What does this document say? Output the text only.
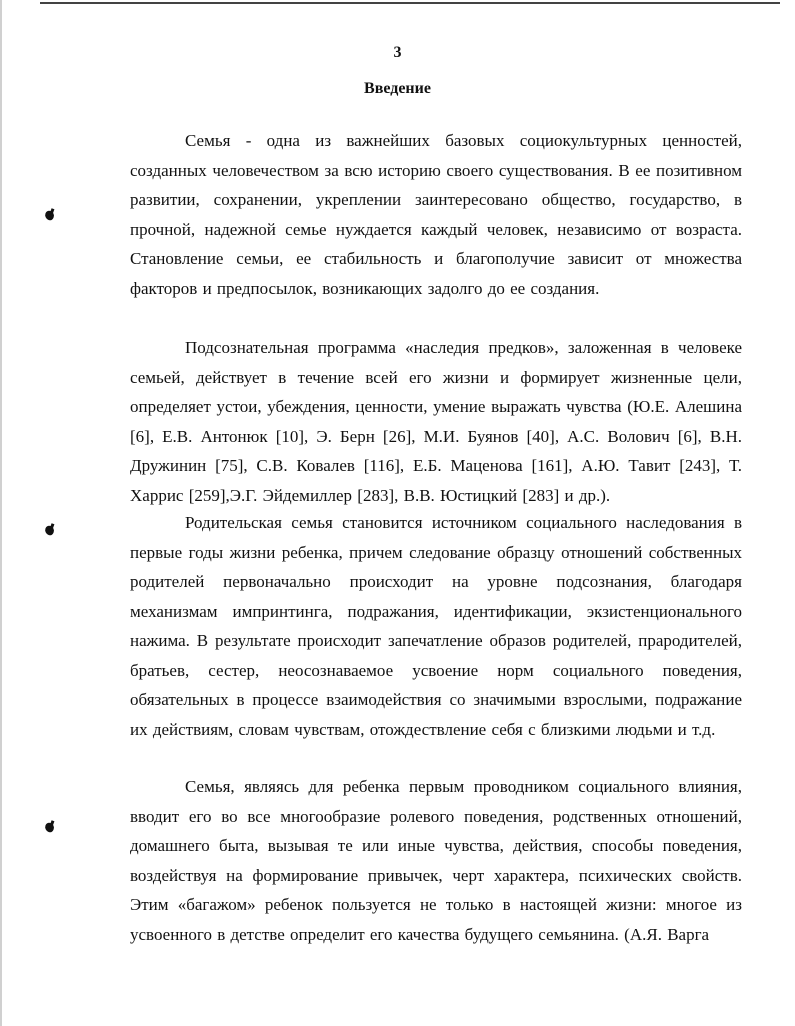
3
Введение

Семья - одна из важнейших базовых социокультурных ценностей, созданных человечеством за всю историю своего существования. В ее позитивном развитии, сохранении, укреплении заинтересовано общество, государство, в прочной, надежной семье нуждается каждый человек, независимо от возраста. Становление семьи, ее стабильность и благополучие зависит от множества факторов и предпосылок, возникающих задолго до ее создания.

Подсознательная программа «наследия предков», заложенная в человеке семьей, действует в течение всей его жизни и формирует жизненные цели, определяет устои, убеждения, ценности, умение выражать чувства (Ю.Е. Алешина [6], Е.В. Антонюк [10], Э. Берн [26], М.И. Буянов [40], А.С. Волович [6], В.Н. Дружинин [75], С.В. Ковалев [116], Е.Б. Маценова [161], А.Ю. Тавит [243], Т. Харрис [259],Э.Г. Эйдемиллер [283], В.В. Юстицкий [283] и др.).

Родительская семья становится источником социального наследования в первые годы жизни ребенка, причем следование образцу отношений собственных родителей первоначально происходит на уровне подсознания, благодаря механизмам импринтинга, подражания, идентификации, экзистенционального нажима. В результате происходит запечатление образов родителей, прародителей, братьев, сестер, неосознаваемое усвоение норм социального поведения, обязательных в процессе взаимодействия со значимыми взрослыми, подражание их действиям, словам чувствам, отождествление себя с близкими людьми и т.д.

Семья, являясь для ребенка первым проводником социального влияния, вводит его во все многообразие ролевого поведения, родственных отношений, домашнего быта, вызывая те или иные чувства, действия, способы поведения, воздействуя на формирование привычек, черт характера, психических свойств. Этим «багажом» ребенок пользуется не только в настоящей жизни: многое из усвоенного в детстве определит его качества будущего семьянина. (А.Я. Варга
